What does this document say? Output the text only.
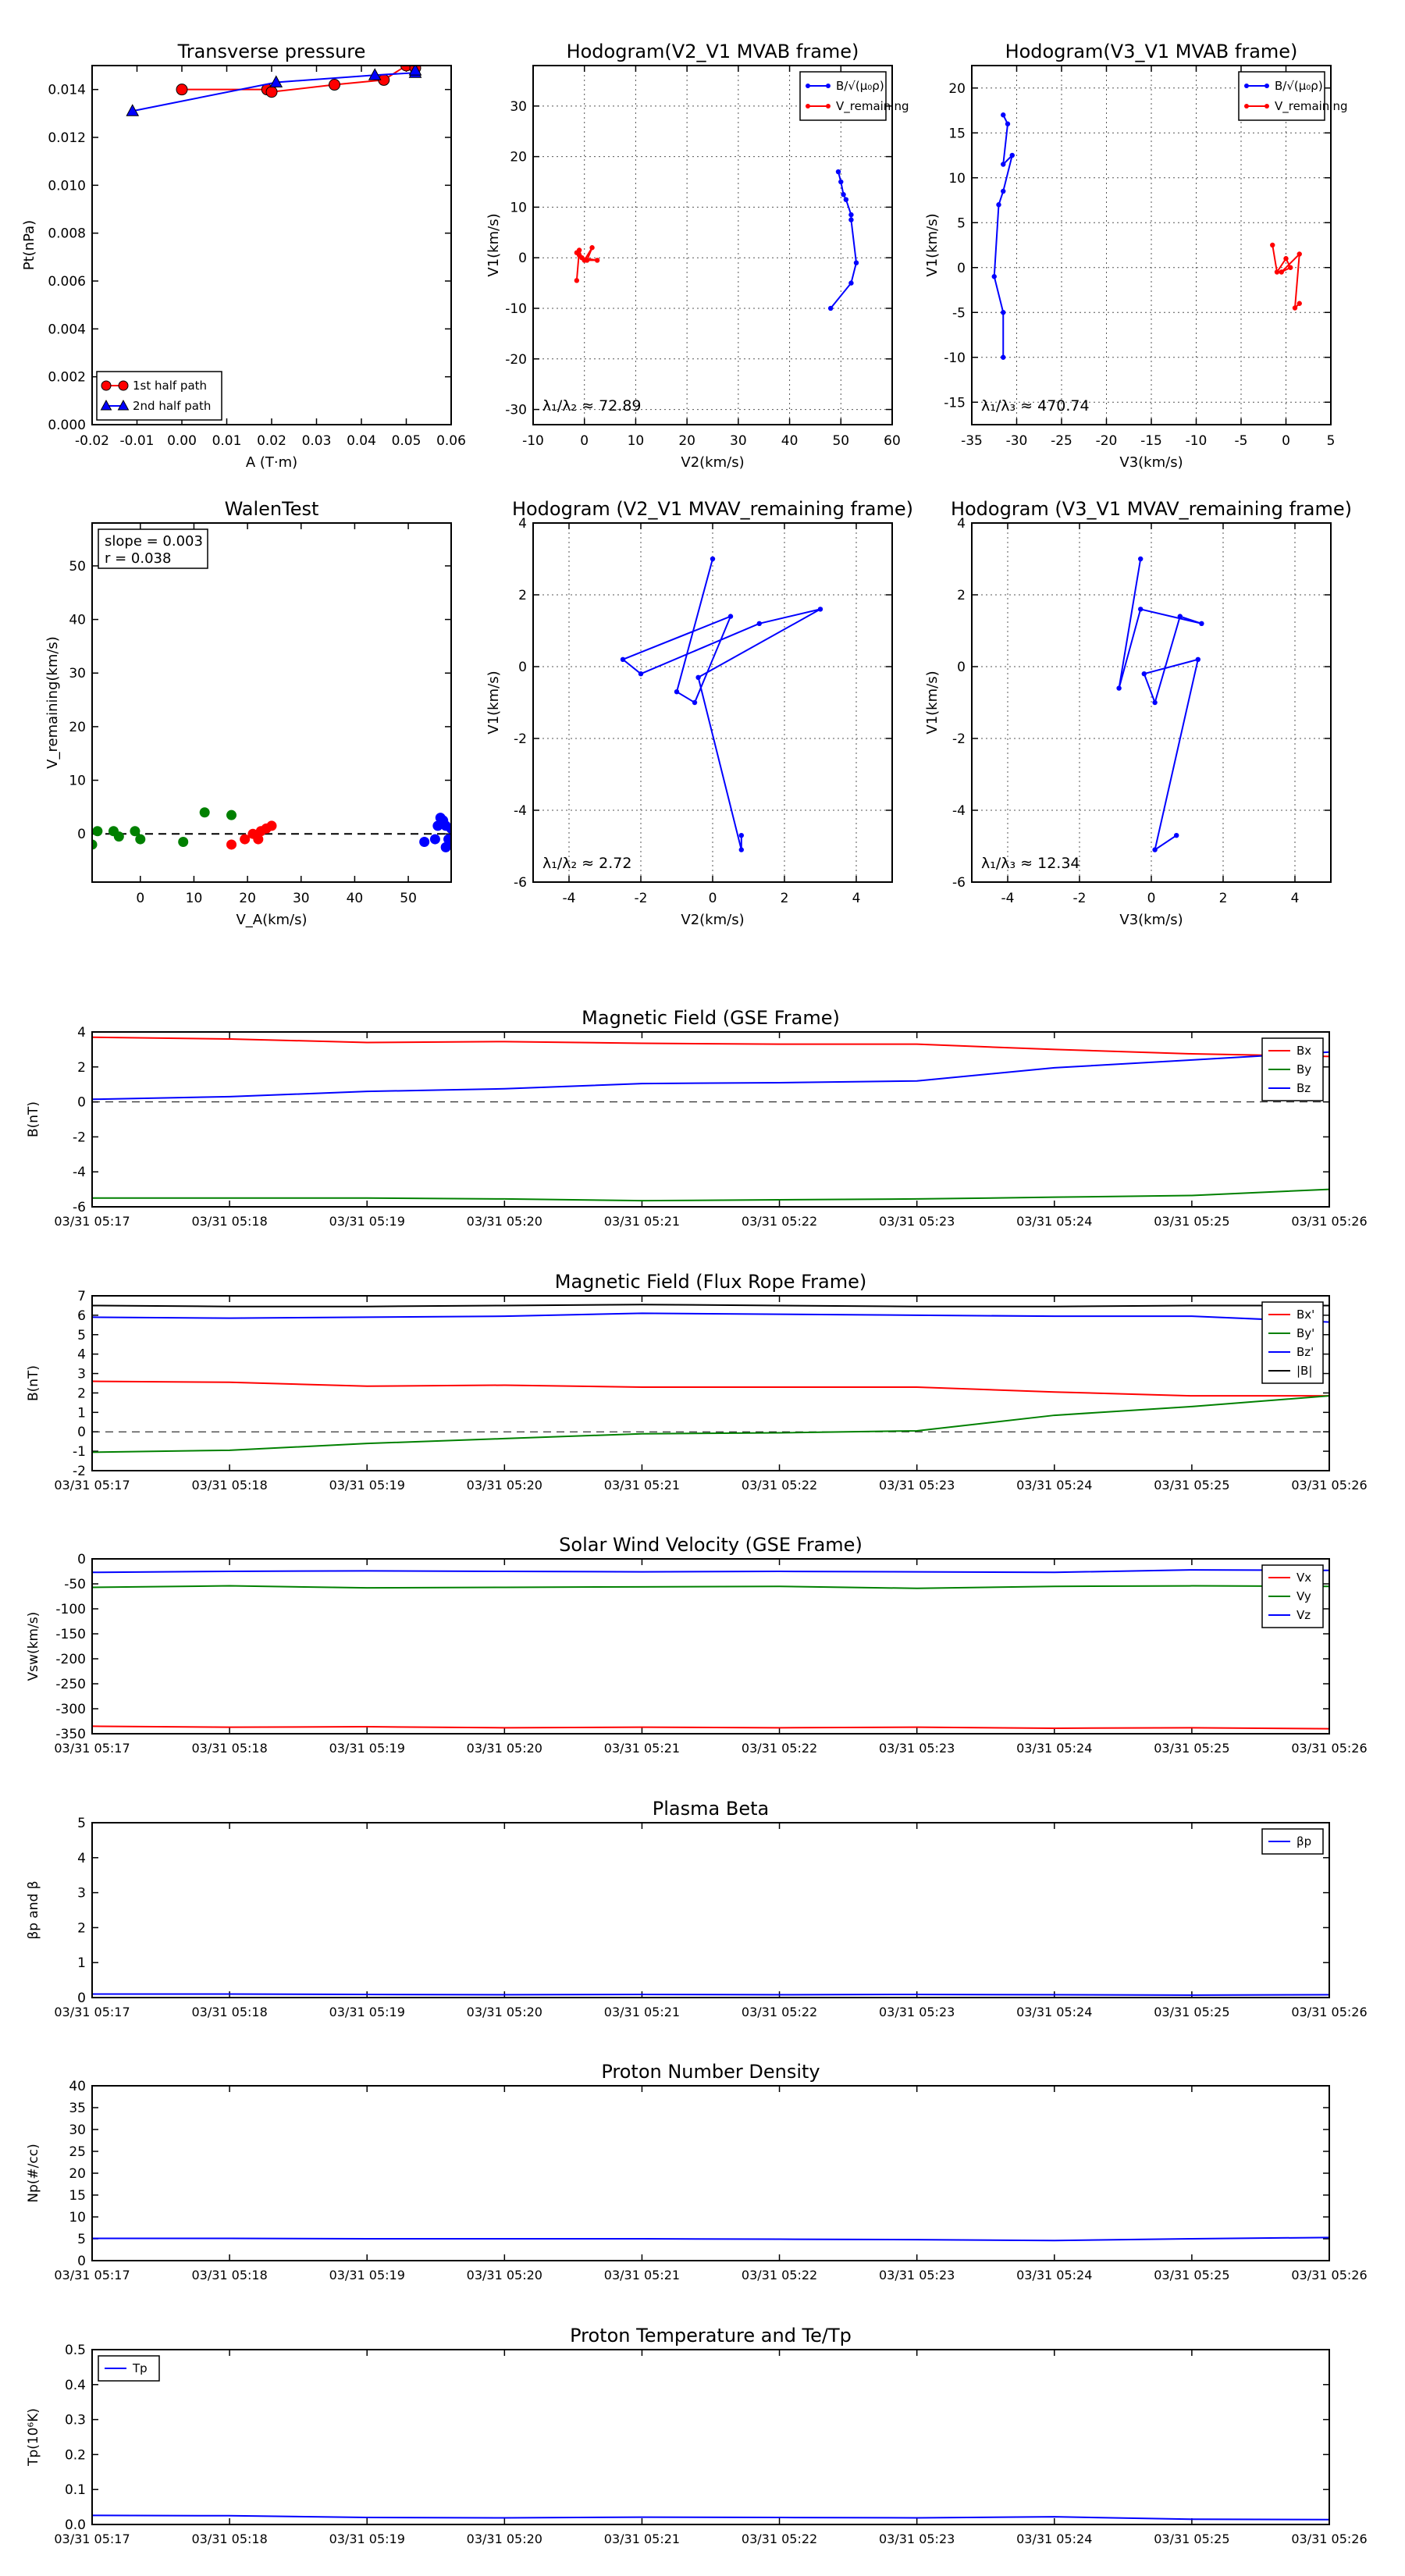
-0.02 -0.01 0.00 0.01 0.02 0.03 0.04 0.05 0.06
0.000
0.002
0.004
0.006
0.008
0.010
0.012
0.014
Transverse pressure
A (T·m)
Pt(nPa)
1st half path
2nd half path
-10	0	10	20	30	40	50	60
-30
-20
-10
0
10
20
30
Hodogram(V2_V1 MVAB frame)
V2(km/s)
V1(km/s)
λ₁/λ₂ ≈ 72.89
B/√(μ₀ρ)
V_remaining
-35 -30 -25 -20 -15 -10 -5	0	5
-15
-10
-5
0
5
10
15
20
Hodogram(V3_V1 MVAB frame)
V3(km/s)
V1(km/s)
λ₁/λ₃ ≈ 470.74
B/√(μ₀ρ)
V_remaining
0	10	20	30	40	50
0
10
20
30
40
50
WalenTest
V_A(km/s)
V_remaining(km/s)
slope = 0.003
r = 0.038
-4	-2	0	2	4
-6
-4
-2
0
2
4
Hodogram (V2_V1 MVAV_remaining frame)
V2(km/s)
V1(km/s)
λ₁/λ₂ ≈ 2.72
-4	-2	0	2	4
-6
-4
-2
0
2
4
Hodogram (V3_V1 MVAV_remaining frame)
V3(km/s)
V1(km/s)
λ₁/λ₃ ≈ 12.34
03/31 05:17	03/31 05:18	03/31 05:19	03/31 05:20	03/31 05:21	03/31 05:22	03/31 05:23	03/31 05:24	03/31 05:25	03/31 05:26
-6
-4
-2
0
2
4
Magnetic Field (GSE Frame)
B(nT)
Bx
By
Bz
03/31 05:17	03/31 05:18	03/31 05:19	03/31 05:20	03/31 05:21	03/31 05:22	03/31 05:23	03/31 05:24	03/31 05:25	03/31 05:26
-2
-1
0
1
2
3
4
5
6
7
Magnetic Field (Flux Rope Frame)
B(nT)
Bx'
By'
Bz'
|B|
03/31 05:17	03/31 05:18	03/31 05:19	03/31 05:20	03/31 05:21	03/31 05:22	03/31 05:23	03/31 05:24	03/31 05:25	03/31 05:26
-350
-300
-250
-200
-150
-100
-50
0
Solar Wind Velocity (GSE Frame)
Vsw(km/s)
Vx
Vy
Vz
03/31 05:17	03/31 05:18	03/31 05:19	03/31 05:20	03/31 05:21	03/31 05:22	03/31 05:23	03/31 05:24	03/31 05:25	03/31 05:26
0
1
2
3
4
5
Plasma Beta
βp and β
βp
03/31 05:17	03/31 05:18	03/31 05:19	03/31 05:20	03/31 05:21	03/31 05:22	03/31 05:23	03/31 05:24	03/31 05:25	03/31 05:26
0
5
10
15
20
25
30
35
40
Proton Number Density
Np(#/cc)
03/31 05:17	03/31 05:18	03/31 05:19	03/31 05:20	03/31 05:21	03/31 05:22	03/31 05:23	03/31 05:24	03/31 05:25	03/31 05:26
0.0
0.1
0.2
0.3
0.4
0.5
Proton Temperature and Te/Tp
Tp(10⁶K)
Tp
